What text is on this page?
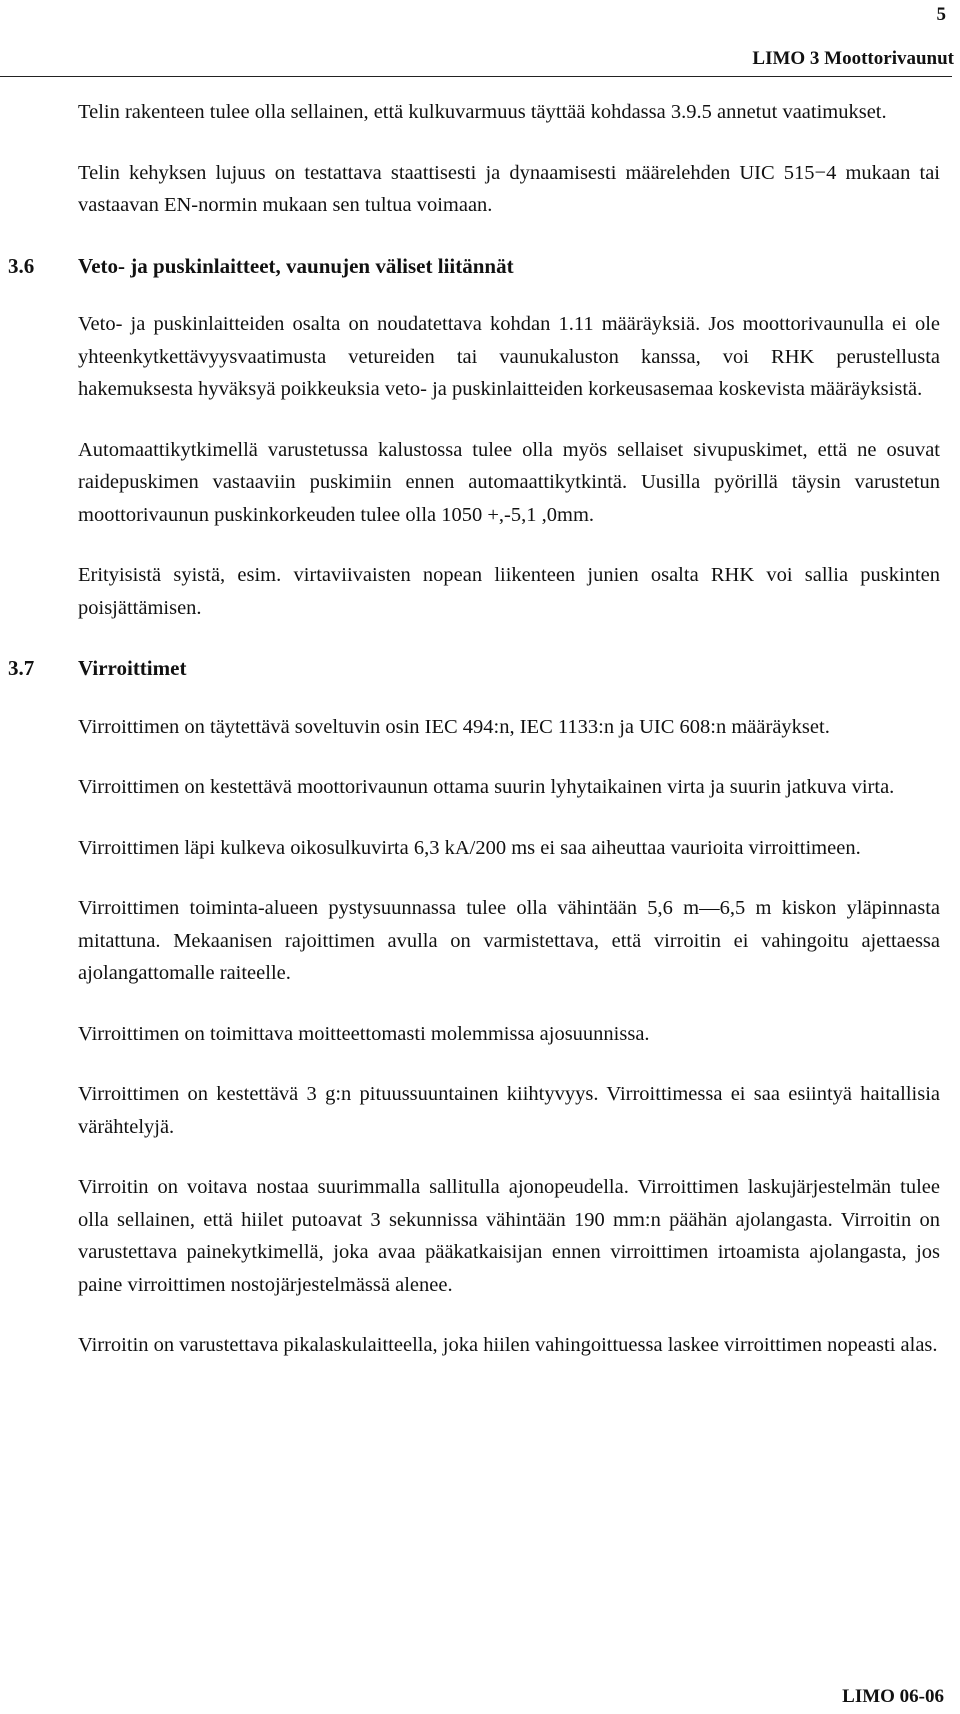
5
LIMO 3 Moottorivaunut

Telin rakenteen tulee olla sellainen, että kulkuvarmuus täyttää kohdassa 3.9.5 annetut vaatimukset.

Telin kehyksen lujuus on testattava staattisesti ja dynaamisesti määrelehden UIC 515−4 mukaan tai vastaavan EN-normin mukaan sen tultua voimaan.

3.6 Veto- ja puskinlaitteet, vaunujen väliset liitännät

Veto- ja puskinlaitteiden osalta on noudatettava kohdan 1.11 määräyksiä. Jos moottorivaunulla ei ole yhteenkytkettävyysvaatimusta vetureiden tai vaunukaluston kanssa, voi RHK perustellusta hakemuksesta hyväksyä poikkeuksia veto- ja puskinlaitteiden korkeusasemaa koskevista määräyksistä.

Automaattikytkimellä varustetussa kalustossa tulee olla myös sellaiset sivupuskimet, että ne osuvat raidepuskimen vastaaviin puskimiin ennen automaattikytkintä. Uusilla pyörillä täysin varustetun moottorivaunun puskinkorkeuden tulee olla 1050 +,-5,1 ,0mm.

Erityisistä syistä, esim. virtaviivaisten nopean liikenteen junien osalta RHK voi sallia puskinten poisjättämisen.

3.7 Virroittimet

Virroittimen on täytettävä soveltuvin osin IEC 494:n, IEC 1133:n ja UIC 608:n määräykset.

Virroittimen on kestettävä moottorivaunun ottama suurin lyhytaikainen virta ja suurin jatkuva virta.

Virroittimen läpi kulkeva oikosulkuvirta 6,3 kA/200 ms ei saa aiheuttaa vaurioita virroittimeen.

Virroittimen toiminta-alueen pystysuunnassa tulee olla vähintään 5,6 m—6,5 m kiskon yläpinnasta mitattuna. Mekaanisen rajoittimen avulla on varmistettava, että virroitin ei vahingoitu ajettaessa ajolangattomalle raiteelle.

Virroittimen on toimittava moitteettomasti molemmissa ajosuunnissa.

Virroittimen on kestettävä 3 g:n pituussuuntainen kiihtyvyys. Virroittimessa ei saa esiintyä haitallisia värähtelyjä.

Virroitin on voitava nostaa suurimmalla sallitulla ajonopeudella. Virroittimen laskujärjestelmän tulee olla sellainen, että hiilet putoavat 3 sekunnissa vähintään 190 mm:n päähän ajolangasta. Virroitin on varustettava painekytkimellä, joka avaa pääkatkaisijan ennen virroittimen irtoamista ajolangasta, jos paine virroittimen nostojärjestelmässä alenee.

Virroitin on varustettava pikalaskulaitteella, joka hiilen vahingoittuessa laskee virroittimen nopeasti alas.

LIMO 06-06
